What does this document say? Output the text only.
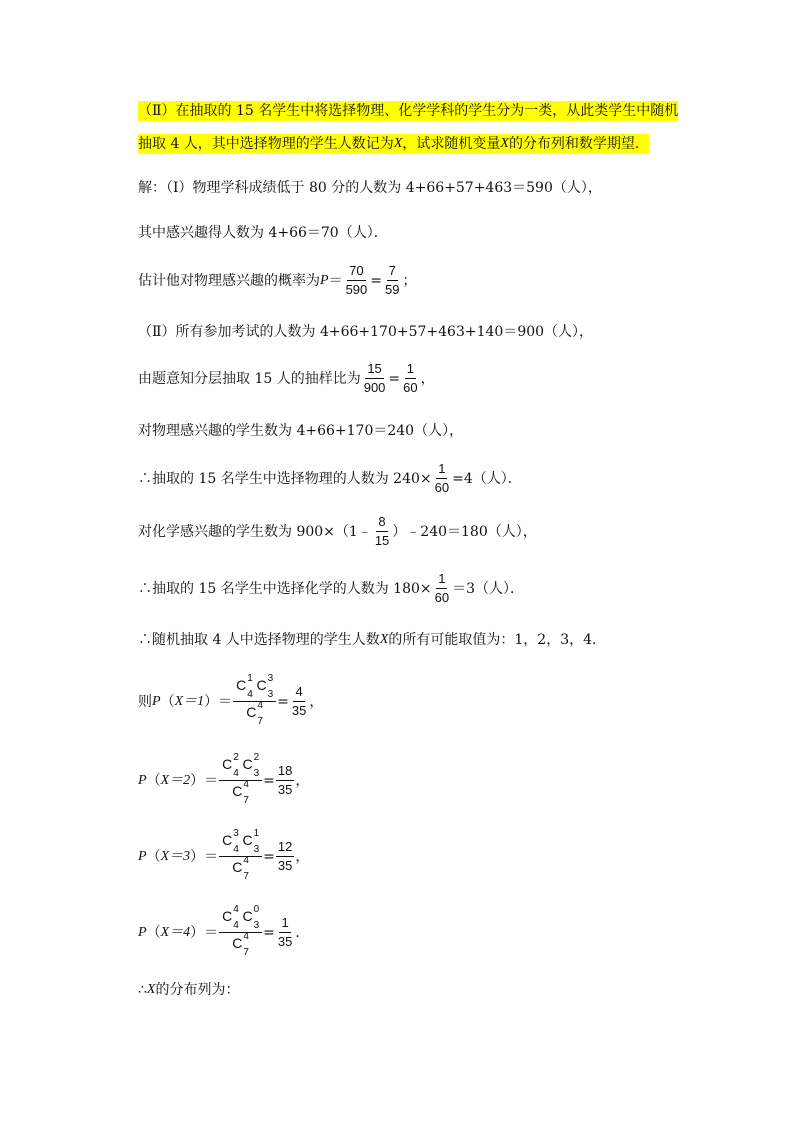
（Ⅱ）在抽取的 15 名学生中将选择物理、化学学科的学生分为一类，从此类学生中随机
抽取 4 人，其中选择物理的学生人数记为 X ，试求随机变量 X 的分布列和数学期望．
解：（Ⅰ）物理学科成绩低于 80 分的人数为 4+66+57+463＝590（人），
其中感兴趣得人数为 4+66＝70（人）．
估计他对物理感兴趣的概率为 $P = \frac{70}{590} = \frac{7}{59}$ ；
（Ⅱ）所有参加考试的人数为 4+66+170+57+463+140＝900（人），
由题意知分层抽取 15 人的抽样比为 $\frac{15}{900} = \frac{1}{60}$ ，
对物理感兴趣的学生数为 4+66+170＝240（人），
∴抽取的 15 名学生中选择物理的人数为 $240\times \frac{1}{60} =4$（人）．
对化学感兴趣的学生数为 900×（1﹣ $\frac{8}{15}$ ）﹣240＝180（人），
∴抽取的 15 名学生中选择化学的人数为 $180\times \frac{1}{60} =3$（人）．
∴随机抽取 4 人中选择物理的学生人数 X 的所有可能取值为：1，2，3，4．
则 P （ X＝1 ）＝ C 1
4

C 3
3
C 4
$7 = \frac{4}{35}$ ，
P （ X＝2 ）＝ C 2
4

C 2
3
C 4
$7 = \frac{18}{35}$ ，
P （ X＝3 ）＝ C 3
4

C 1
3
C 4
$7 = \frac{12}{35}$ ，
P （ X＝4 ）＝ C 4
4

C 0
3
C 4
$7 = \frac{1}{35}$ ．
∴ X 的分布列为：
